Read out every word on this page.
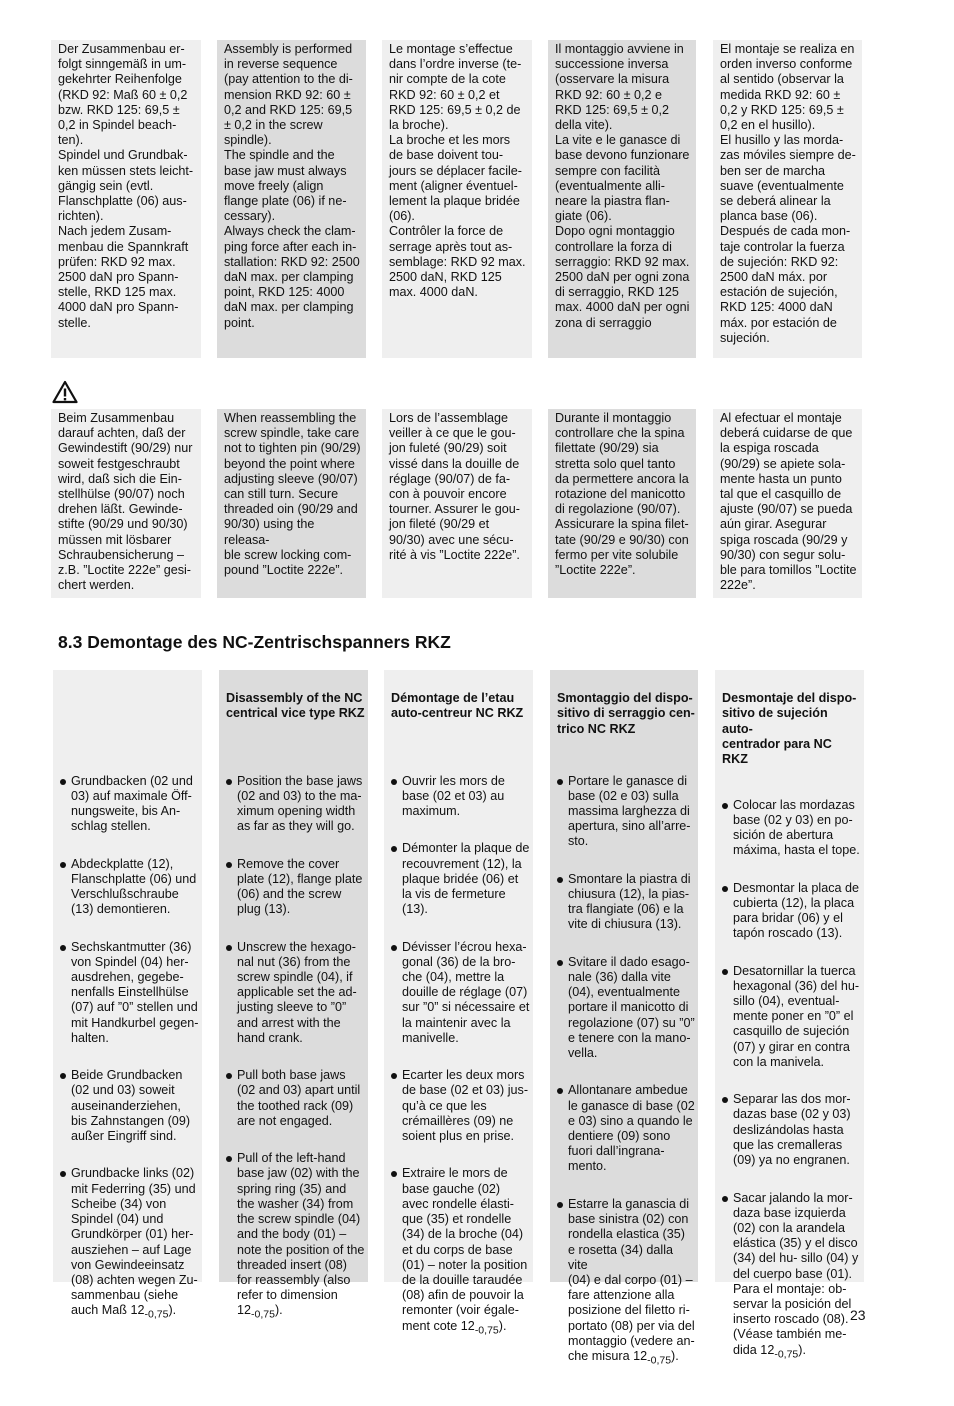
Der Zusammenbau er-
folgt sinngemäß in um-
gekehrter Reihenfolge
(RKD 92: Maß 60 ± 0,2
bzw. RKD 125: 69,5 ±
0,2 in Spindel beach-
ten).
Spindel und Grundbak-
ken müssen stets leicht-
gängig sein (evtl.
Flanschplatte (06) aus-
richten).
Nach jedem Zusam-
menbau die Spannkraft
prüfen: RKD 92 max.
2500 daN pro Spann-
stelle, RKD 125 max.
4000 daN pro Spann-
stelle.
Assembly is performed
in reverse sequence
(pay attention to the di-
mension RKD 92: 60 ±
0,2 and RKD 125: 69,5
± 0,2 in the screw
spindle).
The spindle and the
base jaw must always
move freely (align
flange plate (06) if ne-
cessary).
Always check the clam-
ping force after each in-
stallation: RKD 92: 2500
daN max. per clamping
point, RKD 125: 4000
daN max. per clamping
point.
Le montage s’effectue
dans l’ordre inverse (te-
nir compte de la cote
RKD 92: 60 ± 0,2 et
RKD 125: 69,5 ± 0,2 de
la broche).
La broche et les mors
de base doivent tou-
jours se déplacer facile-
ment (aligner éventuel-
lement la plaque bridée
(06).
Contrôler la force de
serrage après tout as-
semblage: RKD 92 max.
2500 daN, RKD 125
max. 4000 daN.
Il montaggio avviene in
successione inversa
(osservare la misura
RKD 92: 60 ± 0,2 e
RKD 125: 69,5 ± 0,2
della vite).
La vite e le ganasce di
base devono funzionare
sempre con facilità
(eventualmente alli-
neare la piastra flan-
giate (06).
Dopo ogni montaggio
controllare la forza di
serraggio: RKD 92 max.
2500 daN per ogni zona
di serraggio, RKD 125
max. 4000 daN per ogni
zona di serraggio
El montaje se realiza en
orden inverso conforme
al sentido (observar la
medida RKD 92: 60 ±
0,2 y RKD 125: 69,5 ±
0,2 en el husillo).
El husillo y las morda-
zas móviles siempre de-
ben ser de marcha
suave (eventualmente
se deberá alinear la
planca base (06).
Después de cada mon-
taje controlar la fuerza
de sujeción: RKD 92:
2500 daN máx. por
estación de sujeción,
RKD 125: 4000 daN
máx. por estación de
sujeción.
Beim Zusammenbau
darauf achten, daß der
Gewindestift (90/29) nur
soweit festgeschraubt
wird, daß sich die Ein-
stellhülse (90/07) noch
drehen läßt. Gewinde-
stifte (90/29 und 90/30)
müssen mit lösbarer
Schraubensicherung –
z.B. ”Loctite 222e” gesi-
chert werden.
When reassembling the
screw spindle, take care
not to tighten pin (90/29)
beyond the point where
adjusting sleeve (90/07)
can still turn. Secure
threaded oin (90/29 and
90/30) using the releasa-
ble screw locking com-
pound ”Loctite 222e”.
Lors de l’assemblage
veiller à ce que le gou-
jon fuleté (90/29) soit
vissé dans la douille de
réglage (90/07) de fa-
con à pouvoir encore
tourner. Assurer le gou-
jon fileté (90/29 et
90/30) avec une sécu-
rité à vis ”Loctite 222e”.
Durante il montaggio
controllare che la spina
filettate (90/29) sia
stretta solo quel tanto
da permettere ancora la
rotazione del manicotto
di regolazione (90/07).
Assicurare la spina filet-
tate (90/29 e 90/30) con
fermo per vite solubile
”Loctite 222e”.
Al efectuar el montaje
deberá cuidarse de que
la espiga roscada
(90/29) se apiete sola-
mente hasta un punto
tal que el casquillo de
ajuste (90/07) se pueda
aún girar. Asegurar
spiga roscada (90/29 y
90/30) con segur solu-
ble para tomillos ”Loctite
222e”.
8.3 Demontage des NC-Zentrischspanners RKZ

Grundbacken (02 und
03) auf maximale Öff-
nungsweite, bis An-
schlag stellen.

Abdeckplatte (12),
Flanschplatte (06) und
Verschlußschraube
(13) demontieren.

Sechskantmutter (36)
von Spindel (04) her-
ausdrehen, gegebe-
nenfalls Einstellhülse
(07) auf ”0” stellen und
mit Handkurbel gegen-
halten.

Beide Grundbacken
(02 und 03) soweit
auseinanderziehen,
bis Zahnstangen (09)
außer Eingriff sind.

Grundbacke links (02)
mit Federring (35) und
Scheibe (34) von
Spindel (04) und
Grundkörper (01) her-
ausziehen – auf Lage
von Gewindeeinsatz
(08) achten wegen Zu-
sammenbau (siehe
auch Maß $12_{-0,75}$).

Disassembly of the NC
centrical vice type RKZ

Position the base jaws
(02 and 03) to the ma-
ximum opening width
as far as they will go.

Remove the cover
plate (12), flange plate
(06) and the screw
plug (13).

Unscrew the hexago-
nal nut (36) from the
screw spindle (04), if
applicable set the ad-
justing sleeve to ”0”
and arrest with the
hand crank.

Pull both base jaws
(02 and 03) apart until
the toothed rack (09)
are not engaged.

Pull of the left-hand
base jaw (02) with the
spring ring (35) and
the washer (34) from
the screw spindle (04)
and the body (01) –
note the position of the
threaded insert (08)
for reassembly (also
refer to dimension
$12_{-0,75}$).

Démontage de l’etau
auto-centreur NC RKZ

Ouvrir les mors de
base (02 et 03) au
maximum.

Démonter la plaque de
recouvrement (12), la
plaque bridée (06) et
la vis de fermeture
(13).

Dévisser l’écrou hexa-
gonal (36) de la bro-
che (04), mettre la
douille de réglage (07)
sur ”0” si nécessaire et
la maintenir avec la
manivelle.

Ecarter les deux mors
de base (02 et 03) jus-
qu’à ce que les
crémaillères (09) ne
soient plus en prise.

Extraire le mors de
base gauche (02)
avec rondelle élasti-
que (35) et rondelle
(34) de la broche (04)
et du corps de base
(01) – noter la position
de la douille taraudée
(08) afin de pouvoir la
remonter (voir égale-
ment cote $12_{-0,75}$).

Smontaggio del dispo-
sitivo di serraggio cen-
trico NC RKZ

Portare le ganasce di
base (02 e 03) sulla
massima larghezza di
apertura, sino all’arre-
sto.

Smontare la piastra di
chiusura (12), la pias-
tra flangiate (06) e la
vite di chiusura (13).

Svitare il dado esago-
nale (36) dalla vite
(04), eventualmente
portare il manicotto di
regolazione (07) su ”0”
e tenere con la mano-
vella.

Allontanare ambedue
le ganasce di base (02
e 03) sino a quando le
dentiere (09) sono
fuori dall’ingrana-
mento.

Estarre la ganascia di
base sinistra (02) con
rondella elastica (35)
e rosetta (34) dalla vite
(04) e dal corpo (01) –
fare attenzione alla
posizione del filetto ri-
portato (08) per via del
montaggio (vedere an-
che misura $12_{-0,75}$).

Desmontaje del dispo-
sitivo de sujeción auto-
centrador para NC RKZ

Colocar las mordazas
base (02 y 03) en po-
sición de abertura
máxima, hasta el tope.

Desmontar la placa de
cubierta (12), la placa
para bridar (06) y el
tapón roscado (13).

Desatornillar la tuerca
hexagonal (36) del hu-
sillo (04), eventual-
mente poner en ”0” el
casquillo de sujeción
(07) y girar en contra
con la manivela.

Separar las dos mor-
dazas base (02 y 03)
deslizándolas hasta
que las cremalleras
(09) ya no engranen.

Sacar jalando la mor-
daza base izquierda
(02) con la arandela
elástica (35) y el disco
(34) del hu- sillo (04) y
del cuerpo base (01).
Para el montaje: ob-
servar la posición del
inserto roscado (08).
(Véase también me-
dida $12_{-0,75}$).

23
